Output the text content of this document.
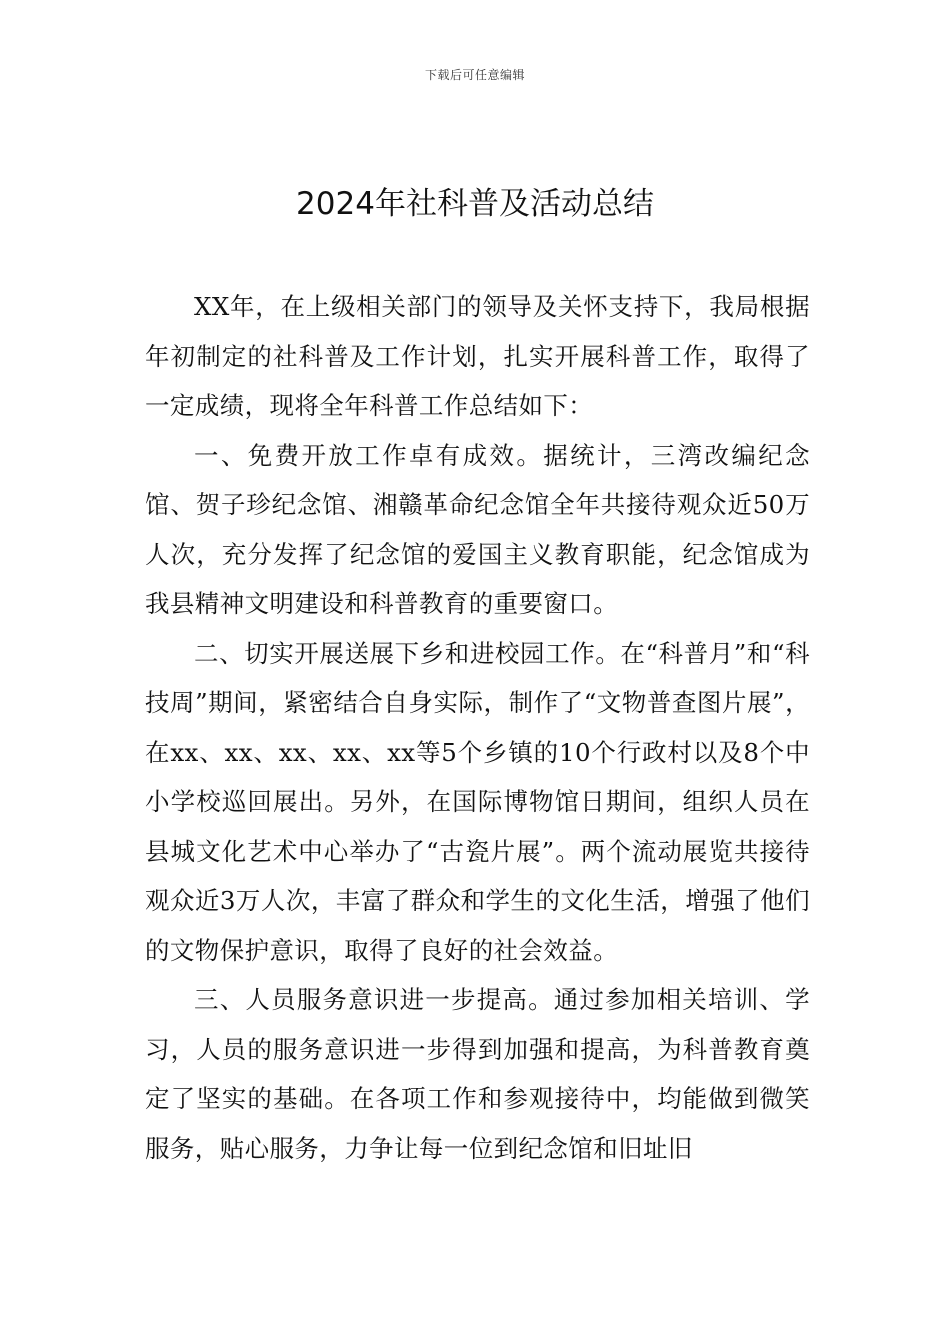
下载后可任意编辑
2024年社科普及活动总结

XX年，在上级相关部门的领导及关怀支持下，我局根据年初制定的社科普及工作计划，扎实开展科普工作，取得了一定成绩，现将全年科普工作总结如下：

一、免费开放工作卓有成效。据统计，三湾改编纪念馆、贺子珍纪念馆、湘赣革命纪念馆全年共接待观众近50万人次，充分发挥了纪念馆的爱国主义教育职能，纪念馆成为我县精神文明建设和科普教育的重要窗口。

二、切实开展送展下乡和进校园工作。在“科普月”和“科技周”期间，紧密结合自身实际，制作了“文物普查图片展”，在xx、xx、xx、xx、xx等5个乡镇的10个行政村以及8个中小学校巡回展出。另外，在国际博物馆日期间，组织人员在县城文化艺术中心举办了“古瓷片展”。两个流动展览共接待观众近3万人次，丰富了群众和学生的文化生活，增强了他们的文物保护意识，取得了良好的社会效益。

三、人员服务意识进一步提高。通过参加相关培训、学习，人员的服务意识进一步得到加强和提高，为科普教育奠定了坚实的基础。在各项工作和参观接待中，均能做到微笑服务，贴心服务，力争让每一位到纪念馆和旧址旧
